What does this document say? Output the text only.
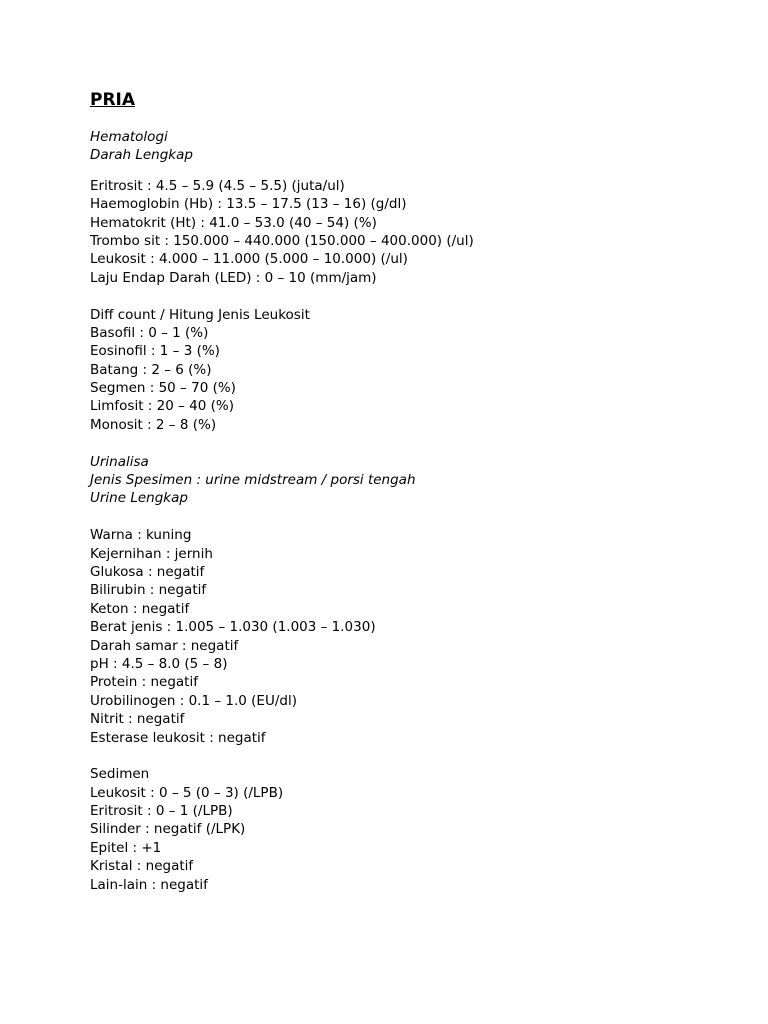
PRIA
Hematologi
Darah Lengkap
Eritrosit : 4.5 – 5.9 (4.5 – 5.5) (juta/ul)
Haemoglobin (Hb) : 13.5 – 17.5 (13 – 16) (g/dl)
Hematokrit (Ht) : 41.0 – 53.0 (40 – 54) (%)
Trombo sit : 150.000 – 440.000 (150.000 – 400.000) (/ul)
Leukosit : 4.000 – 11.000 (5.000 – 10.000) (/ul)
Laju Endap Darah (LED) : 0 – 10 (mm/jam)
Diff count / Hitung Jenis Leukosit
Basofil : 0 – 1 (%)
Eosinofil : 1 – 3 (%)
Batang : 2 – 6 (%)
Segmen : 50 – 70 (%)
Limfosit : 20 – 40 (%)
Monosit : 2 – 8 (%)
Urinalisa
Jenis Spesimen : urine midstream / porsi tengah
Urine Lengkap
Warna : kuning
Kejernihan : jernih
Glukosa : negatif
Bilirubin : negatif
Keton : negatif
Berat jenis : 1.005 – 1.030 (1.003 – 1.030)
Darah samar : negatif
pH : 4.5 – 8.0 (5 – 8)
Protein : negatif
Urobilinogen : 0.1 – 1.0 (EU/dl)
Nitrit : negatif
Esterase leukosit : negatif
Sedimen
Leukosit : 0 – 5 (0 – 3) (/LPB)
Eritrosit : 0 – 1 (/LPB)
Silinder : negatif (/LPK)
Epitel : +1
Kristal : negatif
Lain-lain : negatif
